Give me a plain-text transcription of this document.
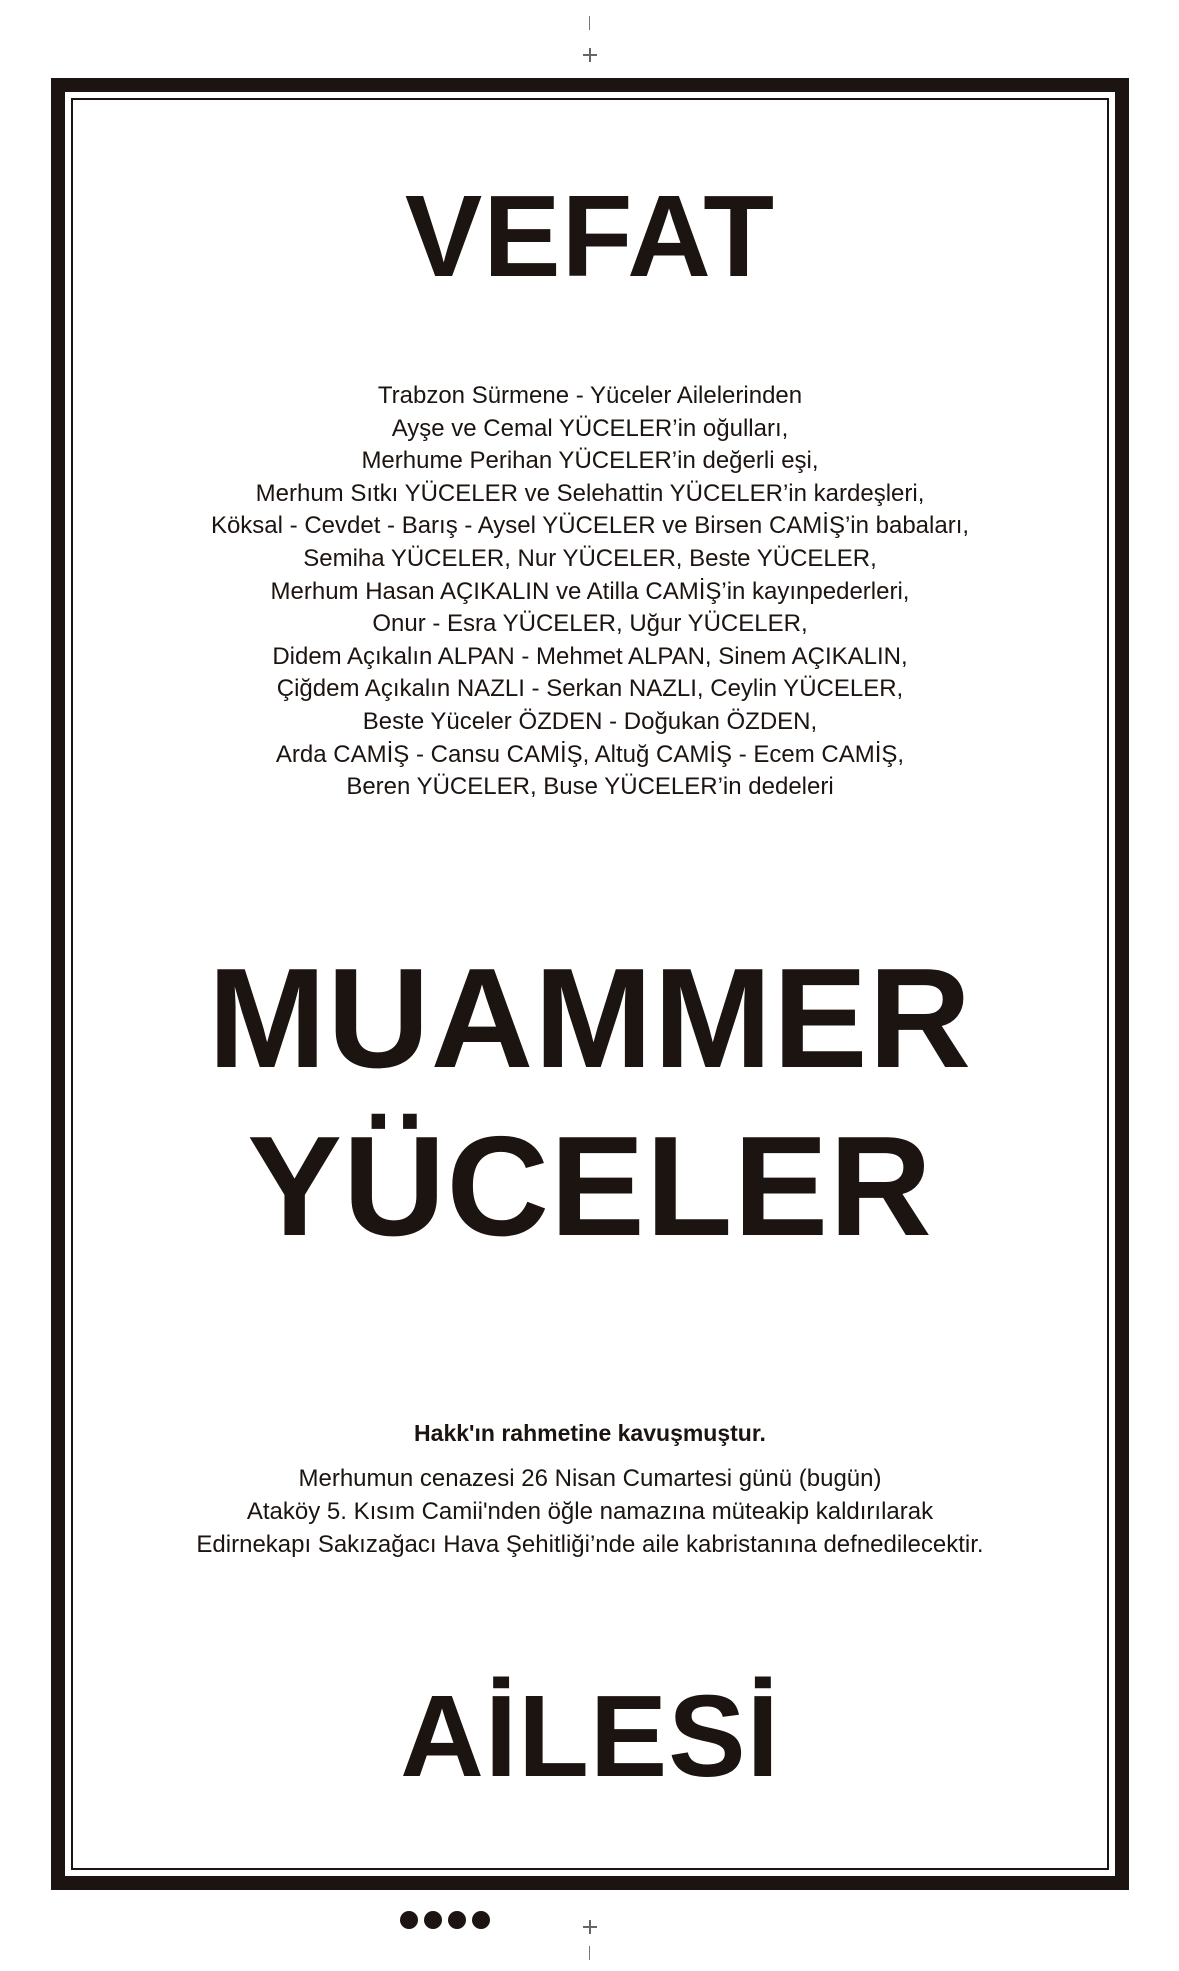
VEFAT
Trabzon Sürmene - Yüceler Ailelerinden
Ayşe ve Cemal YÜCELER’in oğulları,
Merhume Perihan YÜCELER’in değerli eşi,
Merhum Sıtkı YÜCELER ve Selehattin YÜCELER’in kardeşleri,
Köksal - Cevdet - Barış - Aysel YÜCELER ve Birsen CAMİŞ’in babaları,
Semiha YÜCELER, Nur YÜCELER, Beste YÜCELER,
Merhum Hasan AÇIKALIN ve Atilla CAMİŞ’in kayınpederleri,
Onur - Esra YÜCELER, Uğur YÜCELER,
Didem Açıkalın ALPAN - Mehmet ALPAN, Sinem AÇIKALIN,
Çiğdem Açıkalın NAZLI - Serkan NAZLI, Ceylin YÜCELER,
Beste Yüceler ÖZDEN - Doğukan ÖZDEN,
Arda CAMİŞ - Cansu CAMİŞ, Altuğ CAMİŞ - Ecem CAMİŞ,
Beren YÜCELER, Buse YÜCELER’in dedeleri
MUAMMER
YÜCELER
Hakk'ın rahmetine kavuşmuştur.
Merhumun cenazesi 26 Nisan Cumartesi günü (bugün)
Ataköy 5. Kısım Camii'nden öğle namazına müteakip kaldırılarak
Edirnekapı Sakızağacı Hava Şehitliği’nde aile kabristanına defnedilecektir.
AİLESİ
